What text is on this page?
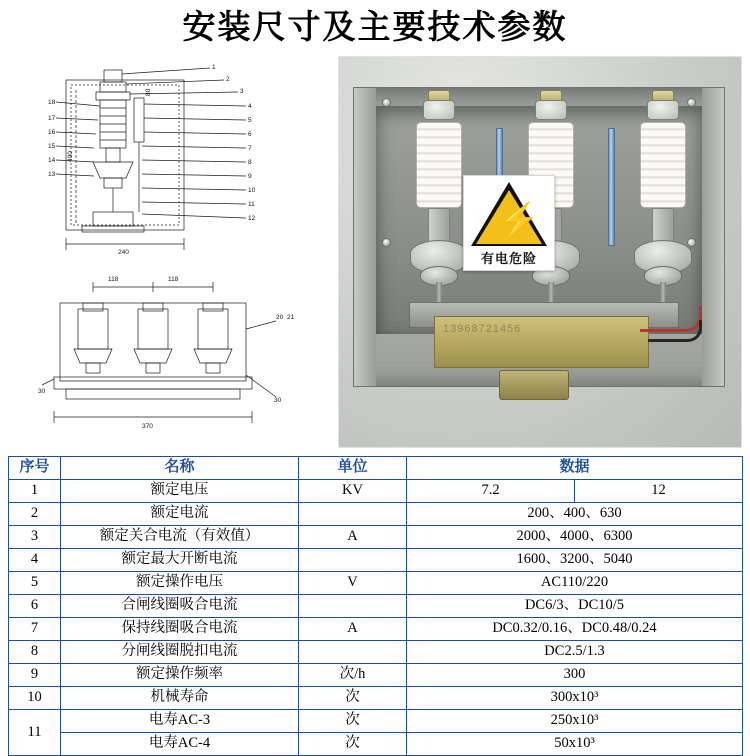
安装尺寸及主要技术参数
1
2
3
4
5
6
7
8
9
10
11
12
18
17
16
15
14
13
240
400
80
118	118
370
20 21
30
30
13968721456
⚡
有电危险
序号	名称	单位	数据	
1	额定电压	KV	7.2	12
2	额定电流		200、400、630	
3	额定关合电流（有效值）	A	2000、4000、6300	
4	额定最大开断电流		1600、3200、5040	
5	额定操作电压	V	AC110/220	
6	合闸线圈吸合电流		DC6/3、DC10/5	
7	保持线圈吸合电流	A	DC0.32/0.16、DC0.48/0.24	
8	分闸线圈脱扣电流		DC2.5/1.3	
9	额定操作频率	次/h	300	
10	机械寿命	次	300x10³	
11	电寿AC-3	次	250x10³	
	电寿AC-4	次	50x10³	
